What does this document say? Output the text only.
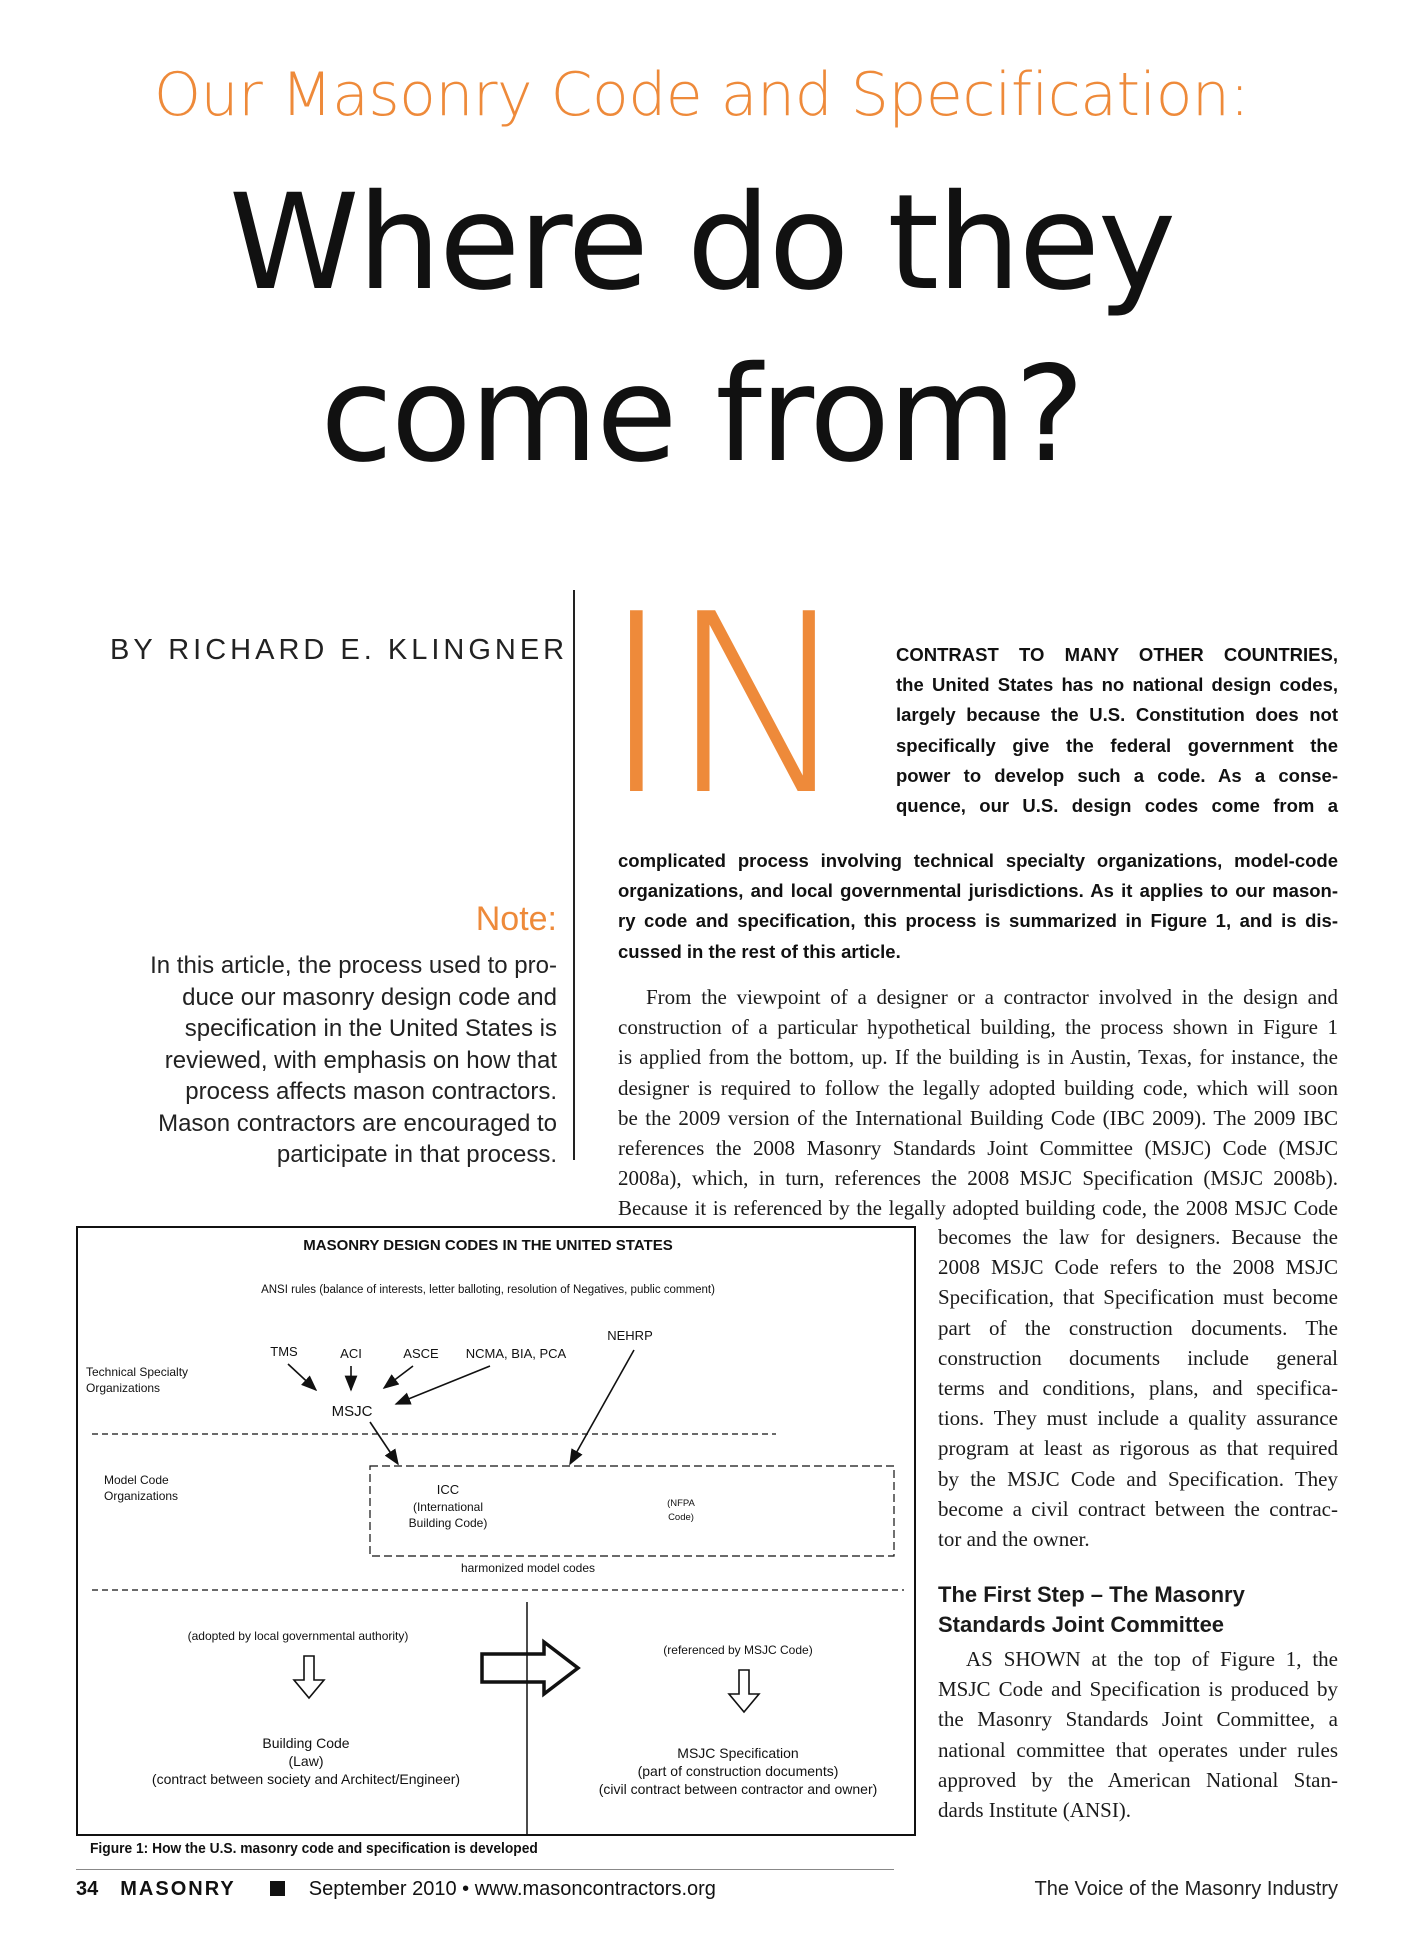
Our Masonry Code and Specification:
Where do they
come from?
BY RICHARD E. KLINGNER
Note:
In this article, the process used to pro-
duce our masonry design code and
specification in the United States is
reviewed, with emphasis on how that
process affects mason contractors.
Mason contractors are encouraged to
participate in that process.
IN	CONTRAST TO MANY OTHER COUNTRIES,

the United States has no national design codes,

largely because the U.S. Constitution does not

specifically give the federal government the

power to develop such a code. As a conse-

quence, our U.S. design codes come from a

complicated process involving technical specialty organizations, model-code

organizations, and local governmental jurisdictions. As it applies to our mason-

ry code and specification, this process is summarized in Figure 1, and is dis-

cussed in the rest of this article.

From the viewpoint of a designer or a contractor involved in the design and

construction of a particular hypothetical building, the process shown in Figure 1

is applied from the bottom, up. If the building is in Austin, Texas, for instance, the

designer is required to follow the legally adopted building code, which will soon

be the 2009 version of the International Building Code (IBC 2009). The 2009 IBC

references the 2008 Masonry Standards Joint Committee (MSJC) Code (MSJC

2008a), which, in turn, references the 2008 MSJC Specification (MSJC 2008b).

Because it is referenced by the legally adopted building code, the 2008 MSJC Code

becomes the law for designers. Because the

2008 MSJC Code refers to the 2008 MSJC

Specification, that Specification must become

part of the construction documents. The

construction documents include general

terms and conditions, plans, and specifica-

tions. They must include a quality assurance

program at least as rigorous as that required

by the MSJC Code and Specification. They

become a civil contract between the contrac-

tor and the owner.

The First Step – The Masonry
Standards Joint Committee

AS SHOWN at the top of Figure 1, the

MSJC Code and Specification is produced by

the Masonry Standards Joint Committee, a

national committee that operates under rules

approved by the American National Stan-

dards Institute (ANSI).

MASONRY DESIGN CODES IN THE UNITED STATES
ANSI rules (balance of interests, letter balloting, resolution of Negatives, public comment)
Technical Specialty
Organizations
TMS	ACI	ASCE NCMA, BIA, PCA
NEHRP
MSJC
Model Code
Organizations	ICC
(International
Building Code)
(NFPA
Code)
harmonized model codes
(adopted by local governmental authority)
Building Code
(Law)
(contract between society and Architect/Engineer)
(referenced by MSJC Code)
MSJC Specification
(part of construction documents)
(civil contract between contractor and owner)
Figure 1: How the U.S. masonry code and specification is developed
34 MASONRY	September 2010 • www.masoncontractors.org	The Voice of the Masonry Industry
